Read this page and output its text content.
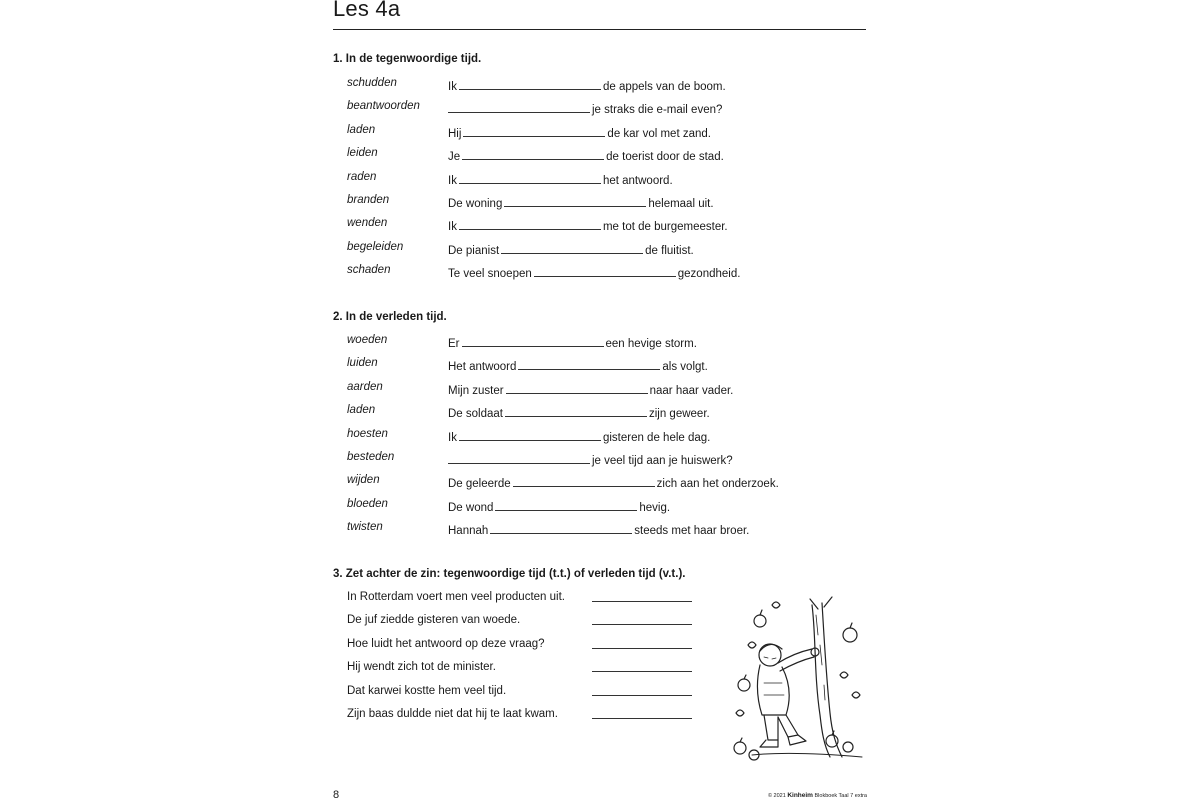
Les 4a
1. In de tegenwoordige tijd.
schudden	Ik	de appels van de boom.
beantwoorden	je straks die e-mail even?
laden	Hij	de kar vol met zand.
leiden	Je	de toerist door de stad.
raden	Ik	het antwoord.
branden	De woning	helemaal uit.
wenden	Ik	me tot de burgemeester.
begeleiden	De pianist	de fluitist.
schaden	Te veel snoepen	gezondheid.
2. In de verleden tijd.
woeden	Er	een hevige storm.
luiden	Het antwoord	als volgt.
aarden	Mijn zuster	naar haar vader.
laden	De soldaat	zijn geweer.
hoesten	Ik	gisteren de hele dag.
besteden	je veel tijd aan je huiswerk?
wijden	De geleerde	zich aan het onderzoek.
bloeden	De wond	hevig.
twisten	Hannah	steeds met haar broer.
3. Zet achter de zin: tegenwoordige tijd (t.t.) of verleden tijd (v.t.).
In Rotterdam voert men veel producten uit.
De juf ziedde gisteren van woede.
Hoe luidt het antwoord op deze vraag?
Hij wendt zich tot de minister.
Dat karwei kostte hem veel tijd.
Zijn baas duldde niet dat hij te laat kwam.
8	© 2021 Kinheim Blokboek Taal 7 extra
